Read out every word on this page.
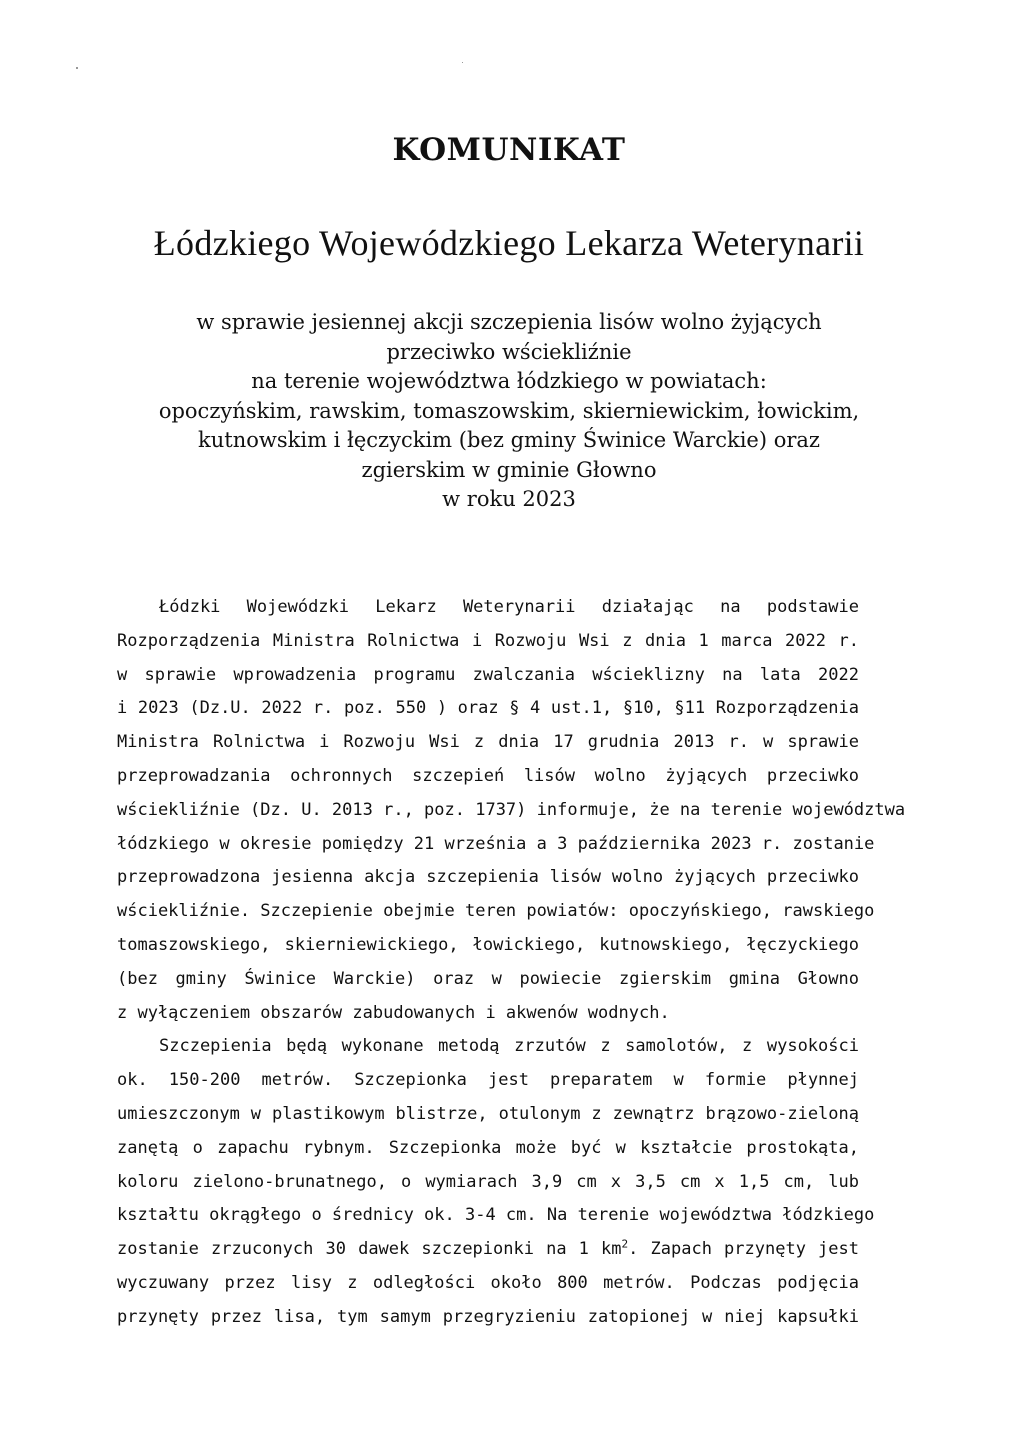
KOMUNIKAT
Łódzkiego Wojewódzkiego Lekarza Weterynarii
w sprawie jesiennej akcji szczepienia lisów wolno żyjących
przeciwko wściekliźnie
na terenie województwa łódzkiego w powiatach:
opoczyńskim, rawskim, tomaszowskim, skierniewickim, łowickim,
kutnowskim i łęczyckim (bez gminy Świnice Warckie) oraz
zgierskim w gminie Głowno
w roku 2023
Łódzki Wojewódzki Lekarz Weterynarii działając na podstawie
Rozporządzenia Ministra Rolnictwa i Rozwoju Wsi z dnia 1 marca 2022 r.
w sprawie wprowadzenia programu zwalczania wścieklizny na lata 2022
i 2023 (Dz.U. 2022 r. poz. 550 ) oraz § 4 ust.1, §10, §11 Rozporządzenia
Ministra Rolnictwa i Rozwoju Wsi z dnia 17 grudnia 2013 r. w sprawie
przeprowadzania ochronnych szczepień lisów wolno żyjących przeciwko
wściekliźnie (Dz. U. 2013 r., poz. 1737) informuje, że na terenie województwa
łódzkiego w okresie pomiędzy 21 września a 3 października 2023 r. zostanie
przeprowadzona jesienna akcja szczepienia lisów wolno żyjących przeciwko
wściekliźnie. Szczepienie obejmie teren powiatów: opoczyńskiego, rawskiego
tomaszowskiego, skierniewickiego, łowickiego, kutnowskiego, łęczyckiego
(bez gminy Świnice Warckie) oraz w powiecie zgierskim gmina Głowno
z wyłączeniem obszarów zabudowanych i akwenów wodnych.
Szczepienia będą wykonane metodą zrzutów z samolotów, z wysokości
ok. 150-200 metrów. Szczepionka jest preparatem w formie płynnej
umieszczonym w plastikowym blistrze, otulonym z zewnątrz brązowo-zieloną
zanętą o zapachu rybnym. Szczepionka może być w kształcie prostokąta,
koloru zielono-brunatnego, o wymiarach 3,9 cm x 3,5 cm x 1,5 cm, lub
kształtu okrągłego o średnicy ok. 3-4 cm. Na terenie województwa łódzkiego
zostanie zrzuconych 30 dawek szczepionki na 1 $km^2$. Zapach przynęty jest
wyczuwany przez lisy z odległości około 800 metrów. Podczas podjęcia
przynęty przez lisa, tym samym przegryzieniu zatopionej w niej kapsułki
